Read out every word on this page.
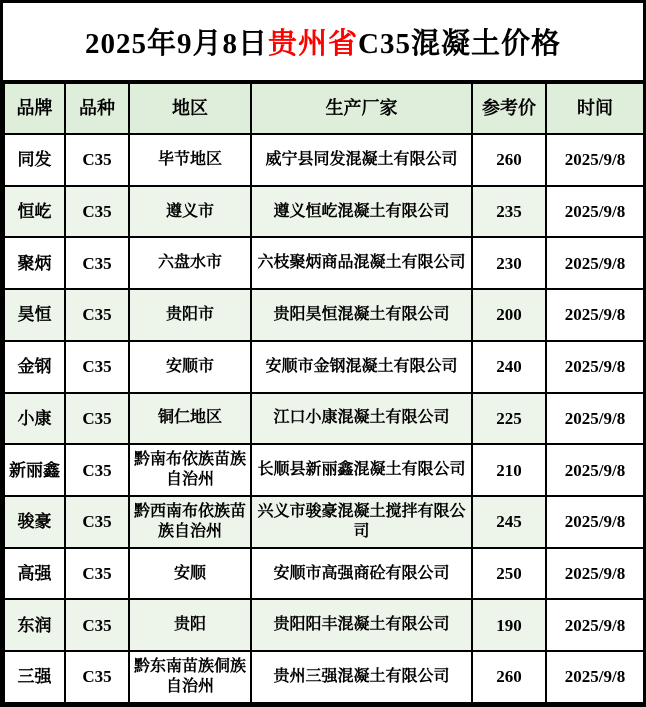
2025年9月8日 贵州省 C35混凝土价格
品牌	品种	地区	生产厂家	参考价	时间
同发	C35	毕节地区	威宁县同发混凝土有限公司	260	2025/9/8
恒屹	C35	遵义市	遵义恒屹混凝土有限公司	235	2025/9/8
聚炳	C35	六盘水市	六枝聚炳商品混凝土有限公司	230	2025/9/8
昊恒	C35	贵阳市	贵阳昊恒混凝土有限公司	200	2025/9/8
金钢	C35	安顺市	安顺市金钢混凝土有限公司	240	2025/9/8
小康	C35	铜仁地区	江口小康混凝土有限公司	225	2025/9/8
新丽鑫	C35	黔南布依族苗族自治州	长顺县新丽鑫混凝土有限公司	210	2025/9/8
骏豪	C35	黔西南布依族苗族自治州	兴义市骏豪混凝土搅拌有限公司	245	2025/9/8
高强	C35	安顺	安顺市高强商砼有限公司	250	2025/9/8
东润	C35	贵阳	贵阳阳丰混凝土有限公司	190	2025/9/8
三强	C35	黔东南苗族侗族自治州	贵州三强混凝土有限公司	260	2025/9/8
